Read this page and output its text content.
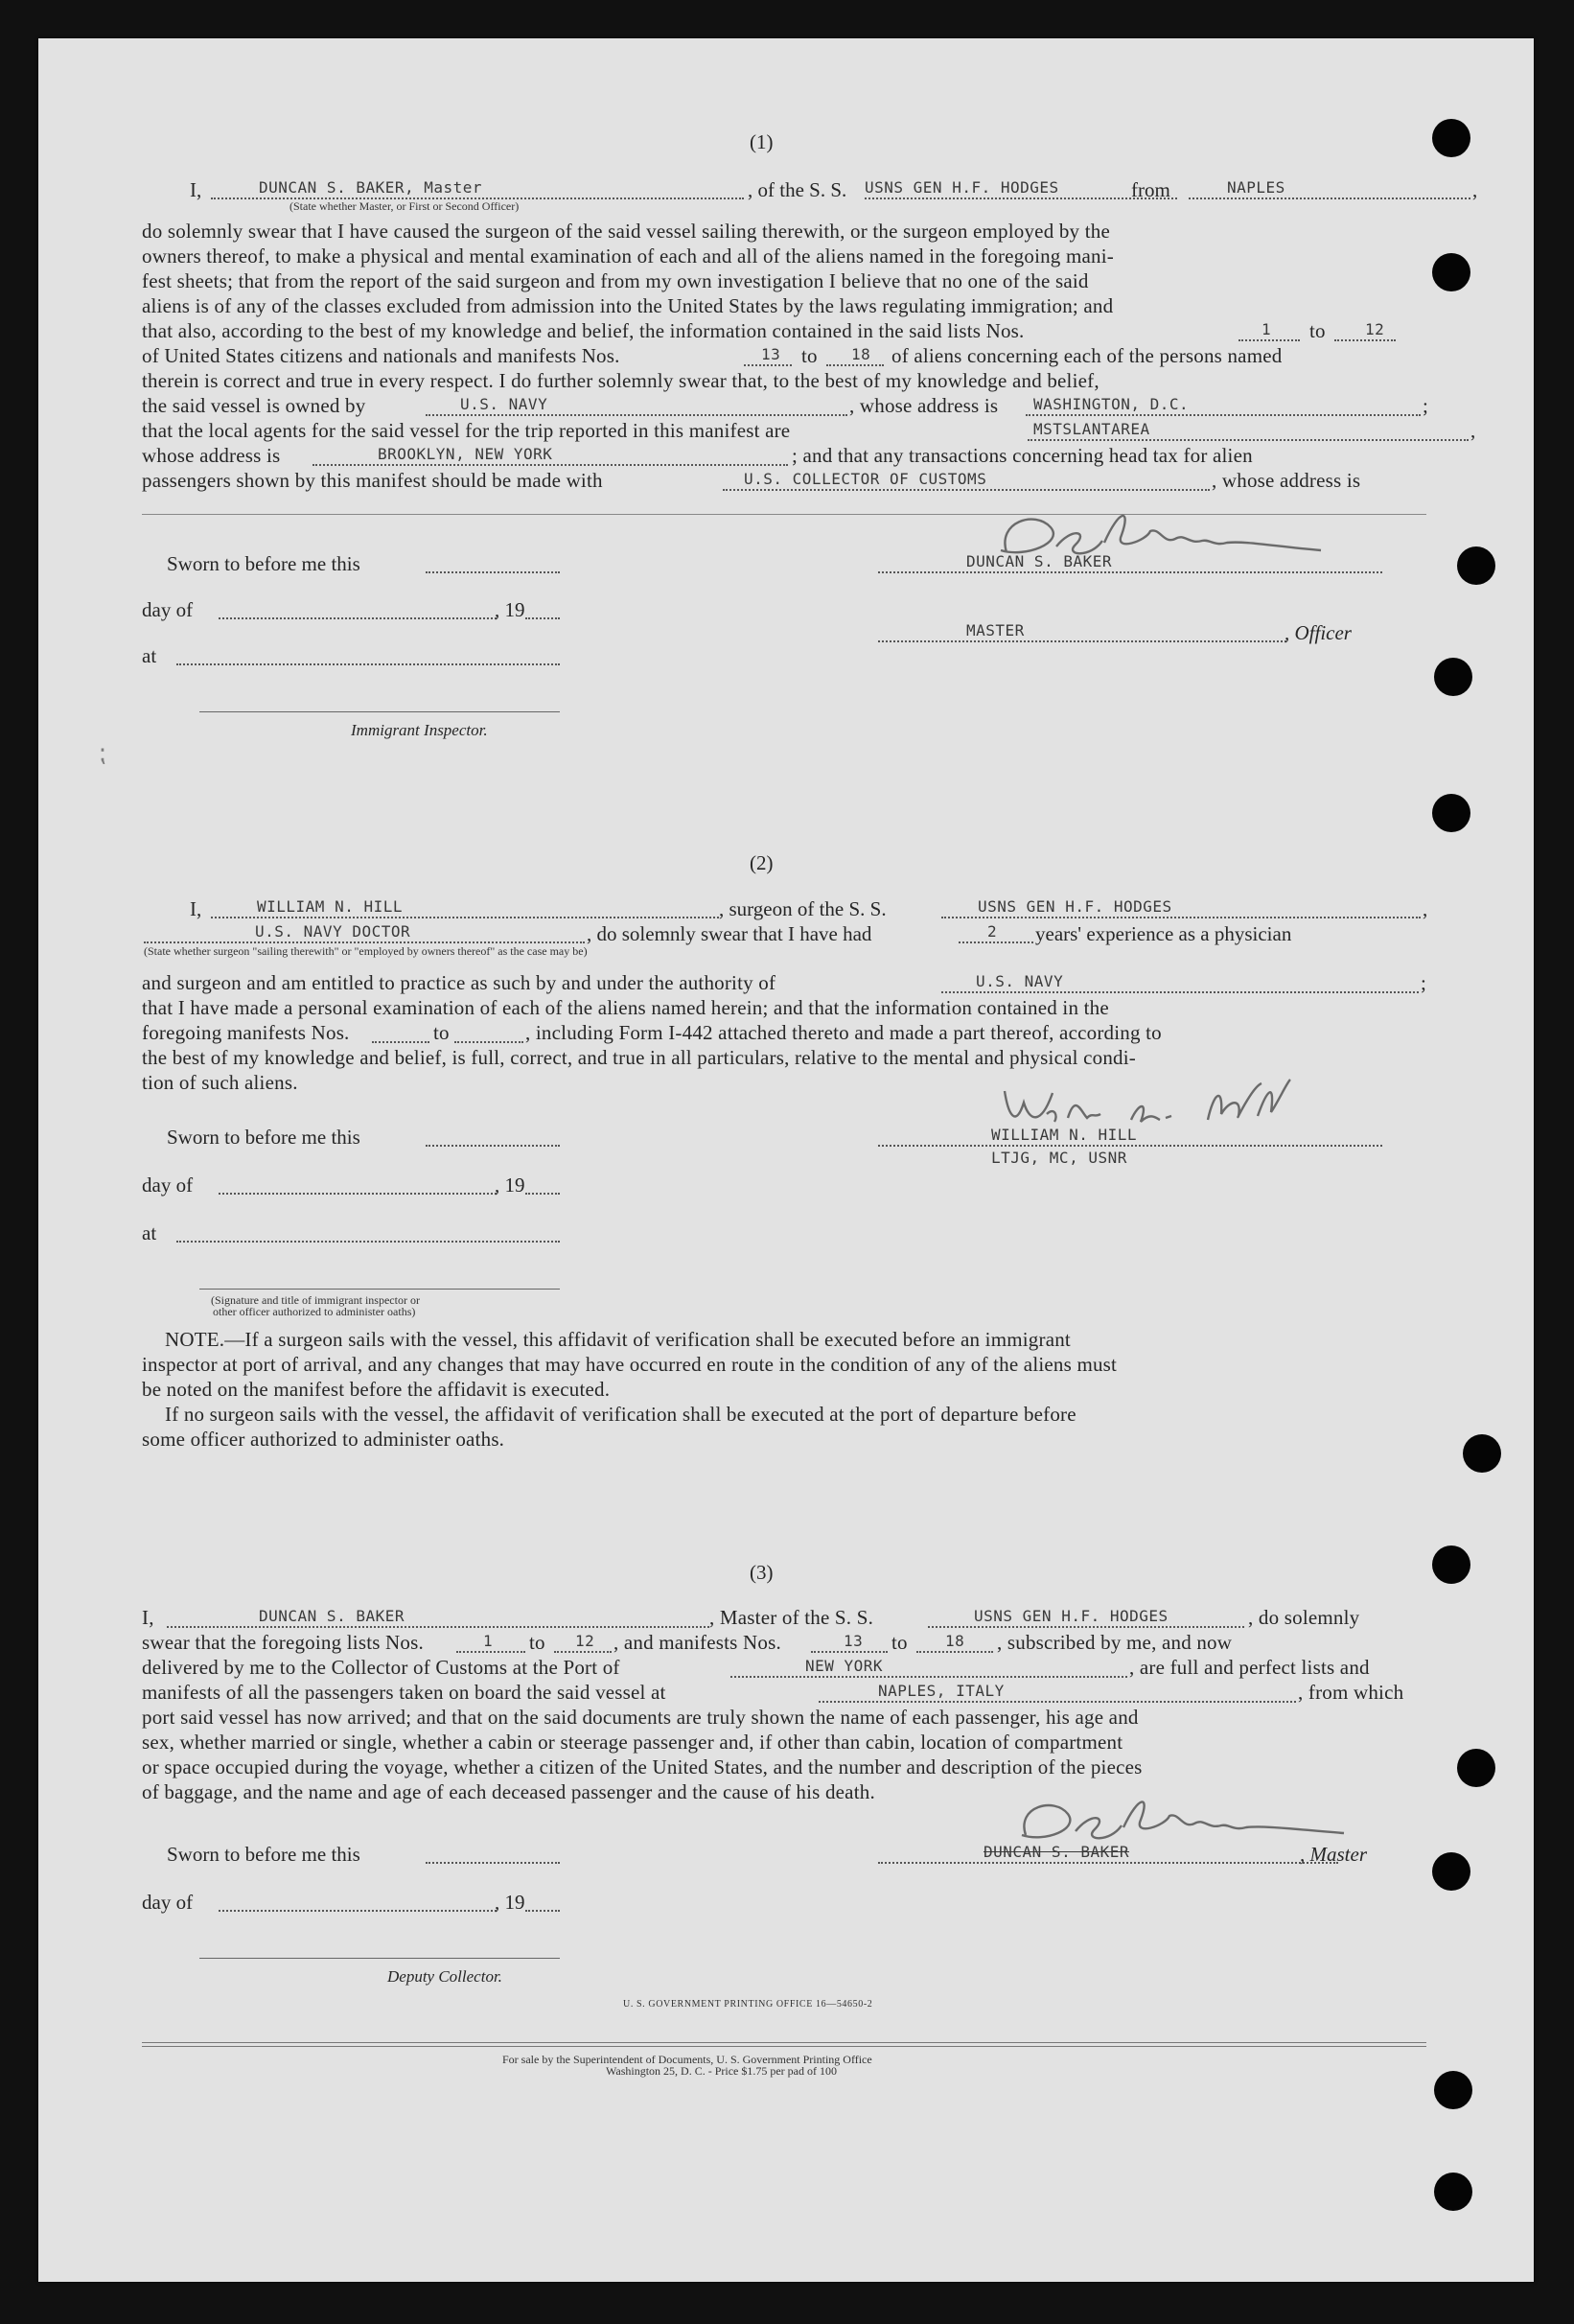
(1)
I,	DUNCAN S. BAKER, Master
(State whether Master, or First or Second Officer)
, of the S. S. USNS GEN H.F. HODGES	from	NAPLES	,
do solemnly swear that I have caused the surgeon of the said vessel sailing therewith, or the surgeon employed by the
owners thereof, to make a physical and mental examination of each and all of the aliens named in the foregoing mani-
fest sheets; that from the report of the said surgeon and from my own investigation I believe that no one of the said
aliens is of any of the classes excluded from admission into the United States by the laws regulating immigration; and
that also, according to the best of my knowledge and belief, the information contained in the said lists Nos.	1 to	12
of United States citizens and nationals and manifests Nos.	13 to 18 of aliens concerning each of the persons named
therein is correct and true in every respect. I do further solemnly swear that, to the best of my knowledge and belief,
the said vessel is owned by	U.S. NAVY	, whose address is WASHINGTON, D.C.	;
that the local agents for the said vessel for the trip reported in this manifest are	MSTSLANTAREA	,
whose address is	BROOKLYN, NEW YORK	; and that any transactions concerning head tax for alien
passengers shown by this manifest should be made with	U.S. COLLECTOR OF CUSTOMS	, whose address is
Sworn to before me this
day of	, 19
at
Immigrant Inspector.
DUNCAN S. BAKER
MASTER	, Officer
⁏
(2)
I,	WILLIAM N. HILL	, surgeon of the S. S.	USNS GEN H.F. HODGES	,
U.S. NAVY DOCTOR	, do solemnly swear that I have had	2 years' experience as a physician
(State whether surgeon "sailing therewith" or "employed by owners thereof" as the case may be)
and surgeon and am entitled to practice as such by and under the authority of	U.S. NAVY	;
that I have made a personal examination of each of the aliens named herein; and that the information contained in the
foregoing manifests Nos.	to	, including Form I-442 attached thereto and made a part thereof, according to
the best of my knowledge and belief, is full, correct, and true in all particulars, relative to the mental and physical condi-
tion of such aliens.
Sworn to before me this
day of	, 19
at
(Signature and title of immigrant inspector or
other officer authorized to administer oaths)
WILLIAM N. HILL
LTJG, MC, USNR
NOTE.—If a surgeon sails with the vessel, this affidavit of verification shall be executed before an immigrant
inspector at port of arrival, and any changes that may have occurred en route in the condition of any of the aliens must
be noted on the manifest before the affidavit is executed.
If no surgeon sails with the vessel, the affidavit of verification shall be executed at the port of departure before
some officer authorized to administer oaths.
(3)
I,	DUNCAN S. BAKER	, Master of the S. S.	USNS GEN H.F. HODGES	, do solemnly
swear that the foregoing lists Nos.	1 to 12 , and manifests Nos.	13 to 18 , subscribed by me, and now
delivered by me to the Collector of Customs at the Port of	NEW YORK	, are full and perfect lists and
manifests of all the passengers taken on board the said vessel at	NAPLES, ITALY	, from which
port said vessel has now arrived; and that on the said documents are truly shown the name of each passenger, his age and
sex, whether married or single, whether a cabin or steerage passenger and, if other than cabin, location of compartment
or space occupied during the voyage, whether a citizen of the United States, and the number and description of the pieces
of baggage, and the name and age of each deceased passenger and the cause of his death.
Sworn to before me this
day of	, 19
Deputy Collector.
DUNCAN S. BAKER	, Master
U. S. GOVERNMENT PRINTING OFFICE 16—54650-2
For sale by the Superintendent of Documents, U. S. Government Printing Office
Washington 25, D. C. - Price $1.75 per pad of 100
